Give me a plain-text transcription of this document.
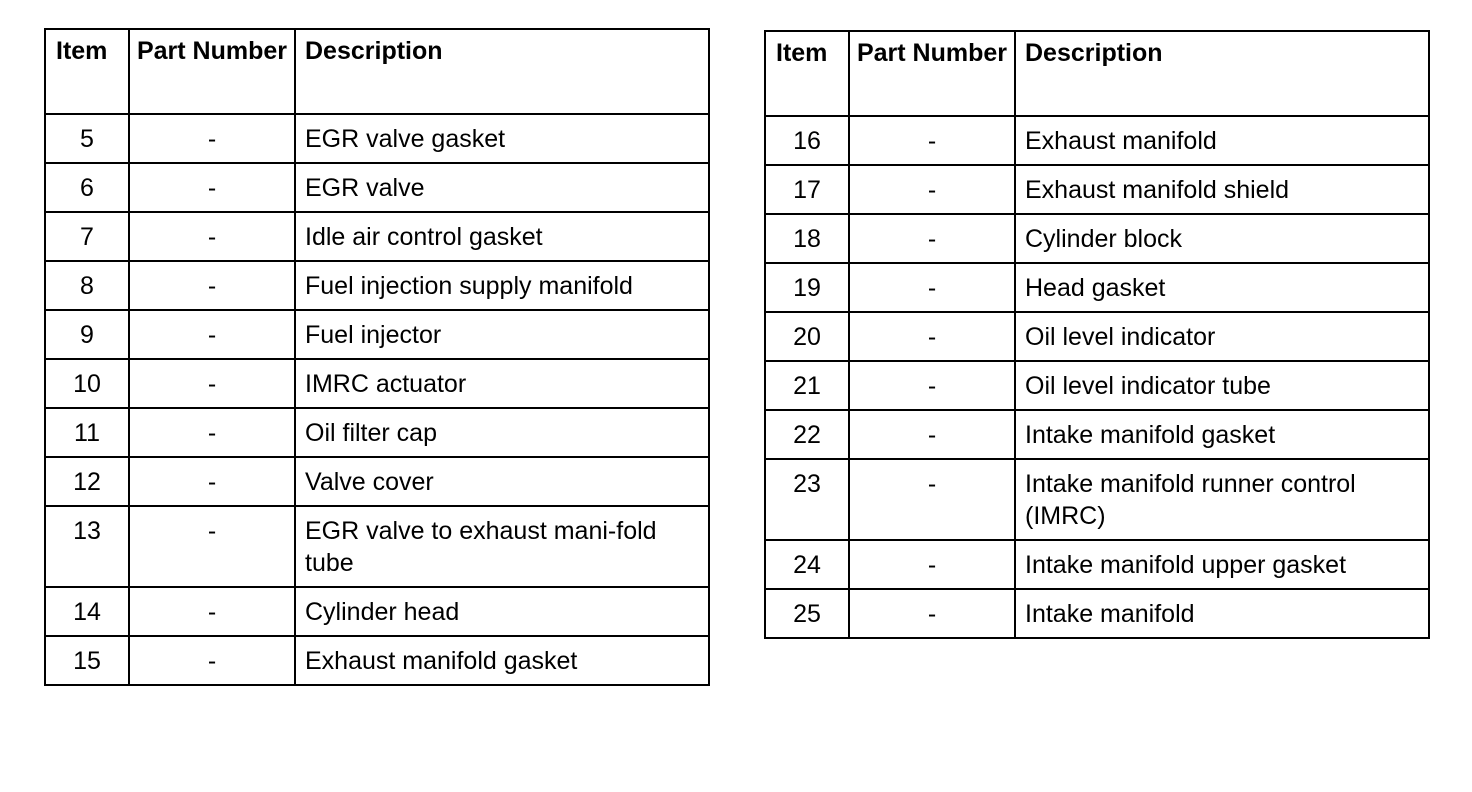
Item	Part Number	Description
5	-	EGR valve gasket
6	-	EGR valve
7	-	Idle air control gasket
8	-	Fuel injection supply manifold
9	-	Fuel injector
10	-	IMRC actuator
11	-	Oil filter cap
12	-	Valve cover
13	-	EGR valve to exhaust mani-fold tube
14	-	Cylinder head
15	-	Exhaust manifold gasket
Item	Part Number	Description
16	-	Exhaust manifold
17	-	Exhaust manifold shield
18	-	Cylinder block
19	-	Head gasket
20	-	Oil level indicator
21	-	Oil level indicator tube
22	-	Intake manifold gasket
23	-	Intake manifold runner control (IMRC)
24	-	Intake manifold upper gasket
25	-	Intake manifold
